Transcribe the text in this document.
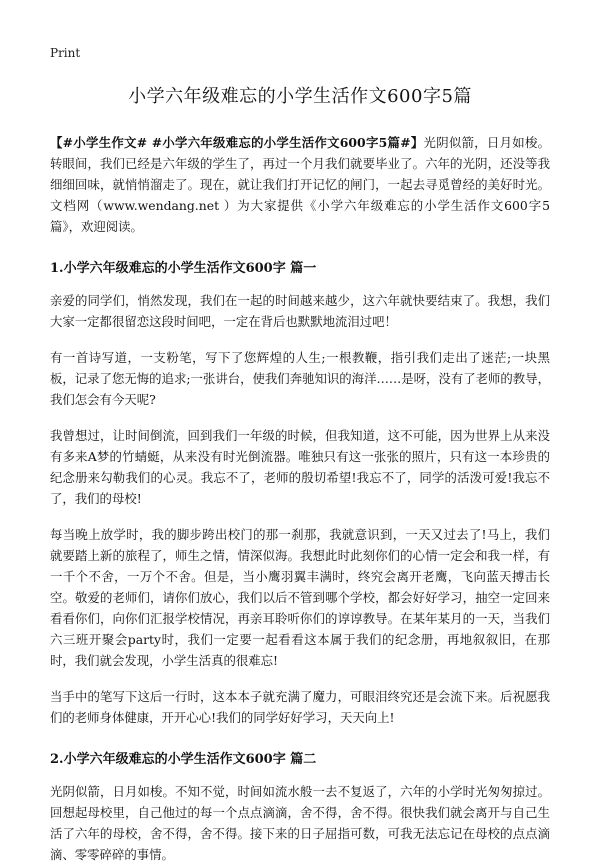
Print
小学六年级难忘的小学生活作文600字5篇

【#小学生作文# #小学六年级难忘的小学生活作文600字5篇#】光阴似箭，日月如梭。转眼间，我们已经是六年级的学生了，再过一个月我们就要毕业了。六年的光阴，还没等我细细回味，就悄悄溜走了。现在，就让我们打开记忆的闸门，一起去寻觅曾经的美好时光。文档网（www.wendang.net ）为大家提供《小学六年级难忘的小学生活作文600字5篇》，欢迎阅读。

1.小学六年级难忘的小学生活作文600字 篇一

亲爱的同学们，悄然发现，我们在一起的时间越来越少，这六年就快要结束了。我想，我们大家一定都很留恋这段时间吧，一定在背后也默默地流泪过吧！

有一首诗写道，一支粉笔，写下了您辉煌的人生;一根教鞭，指引我们走出了迷茫;一块黑板，记录了您无悔的追求;一张讲台，使我们奔驰知识的海洋……是呀，没有了老师的教导，我们怎会有今天呢?

我曾想过，让时间倒流，回到我们一年级的时候，但我知道，这不可能，因为世界上从来没有多来A梦的竹蜻蜓，从来没有时光倒流器。唯独只有这一张张的照片，只有这一本珍贵的纪念册来勾勒我们的心灵。我忘不了，老师的殷切希望!我忘不了，同学的活泼可爱!我忘不了，我们的母校!

每当晚上放学时，我的脚步跨出校门的那一刹那，我就意识到，一天又过去了!马上，我们就要踏上新的旅程了，师生之情，情深似海。我想此时此刻你们的心情一定会和我一样，有一千个不舍，一万个不舍。但是，当小鹰羽翼丰满时，终究会离开老鹰，飞向蓝天搏击长空。敬爱的老师们，请你们放心，我们以后不管到哪个学校，都会好好学习，抽空一定回来看看你们，向你们汇报学校情况，再亲耳聆听你们的谆谆教导。在某年某月的一天，当我们六三班开聚会party时，我们一定要一起看看这本属于我们的纪念册，再地叙叙旧，在那时，我们就会发现，小学生活真的很难忘!

当手中的笔写下这后一行时，这本本子就充满了魔力，可眼泪终究还是会流下来。后祝愿我们的老师身体健康，开开心心!我们的同学好好学习，天天向上!

2.小学六年级难忘的小学生活作文600字 篇二

光阴似箭，日月如梭。不知不觉，时间如流水般一去不复返了，六年的小学时光匆匆掠过。回想起母校里，自己他过的每一个点点滴滴，舍不得，舍不得。很快我们就会离开与自己生活了六年的母校，舍不得，舍不得。接下来的日子屈指可数，可我无法忘记在母校的点点滴滴、零零碎碎的事情。
